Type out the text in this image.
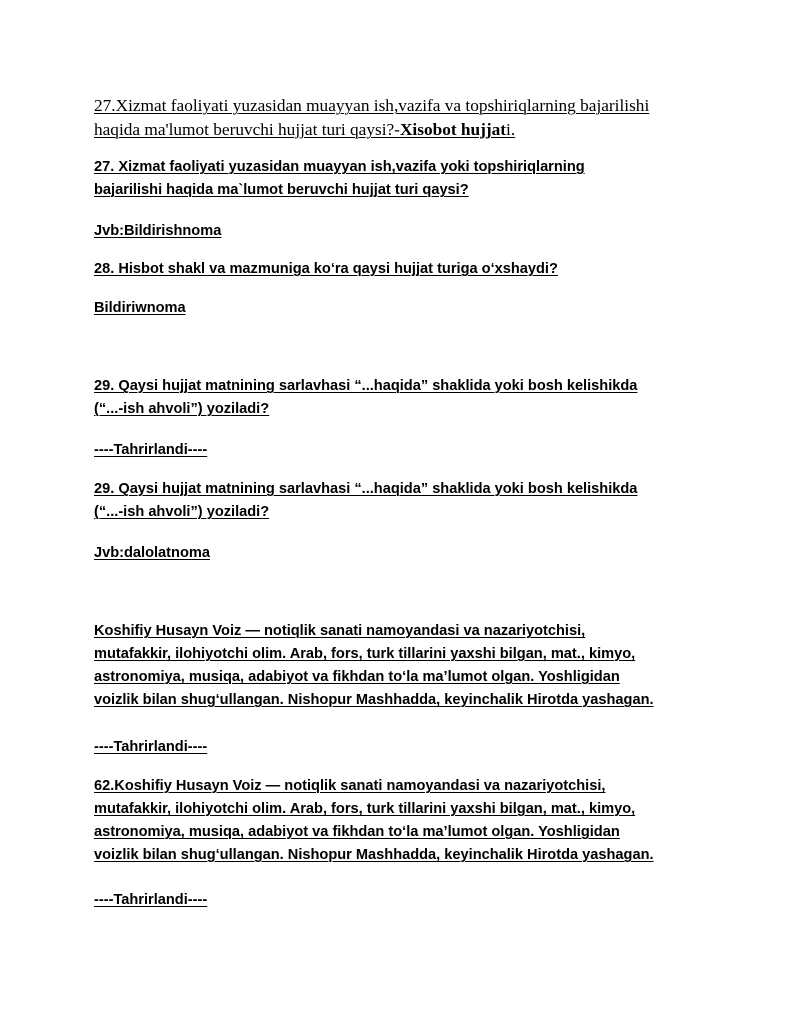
27.Xizmat faoliyati yuzasidan muayyan ish,vazifa va topshiriqlarning bajarilishi
haqida ma'lumot beruvchi hujjat turi qaysi?-Xisobot hujjati.
27. Xizmat faoliyati yuzasidan muayyan ish,vazifa yoki topshiriqlarning
bajarilishi haqida ma`lumot beruvchi hujjat turi qaysi?
Jvb:Bildirishnoma
28. Hisbot shakl va mazmuniga ko‘ra qaysi hujjat turiga o‘xshaydi?
Bildiriwnoma
29. Qaysi hujjat matnining sarlavhasi “...haqida” shaklida yoki bosh kelishikda
(“...-ish ahvoli”) yoziladi?
----Tahrirlandi----
29. Qaysi hujjat matnining sarlavhasi “...haqida” shaklida yoki bosh kelishikda
(“...-ish ahvoli”) yoziladi?
Jvb:dalolatnoma
Koshifiy Husayn Voiz — notiqlik sanati namoyandasi va nazariyotchisi,
mutafakkir, ilohiyotchi olim. Arab, fors, turk tillarini yaxshi bilgan, mat., kimyo,
astronomiya, musiqa, adabiyot va fikhdan to‘la ma’lumot olgan. Yoshligidan
voizlik bilan shug‘ullangan. Nishopur Mashhadda, keyinchalik Hirotda yashagan.
----Tahrirlandi----
62.Koshifiy Husayn Voiz — notiqlik sanati namoyandasi va nazariyotchisi,
mutafakkir, ilohiyotchi olim. Arab, fors, turk tillarini yaxshi bilgan, mat., kimyo,
astronomiya, musiqa, adabiyot va fikhdan to‘la ma’lumot olgan. Yoshligidan
voizlik bilan shug‘ullangan. Nishopur Mashhadda, keyinchalik Hirotda yashagan.
----Tahrirlandi----
